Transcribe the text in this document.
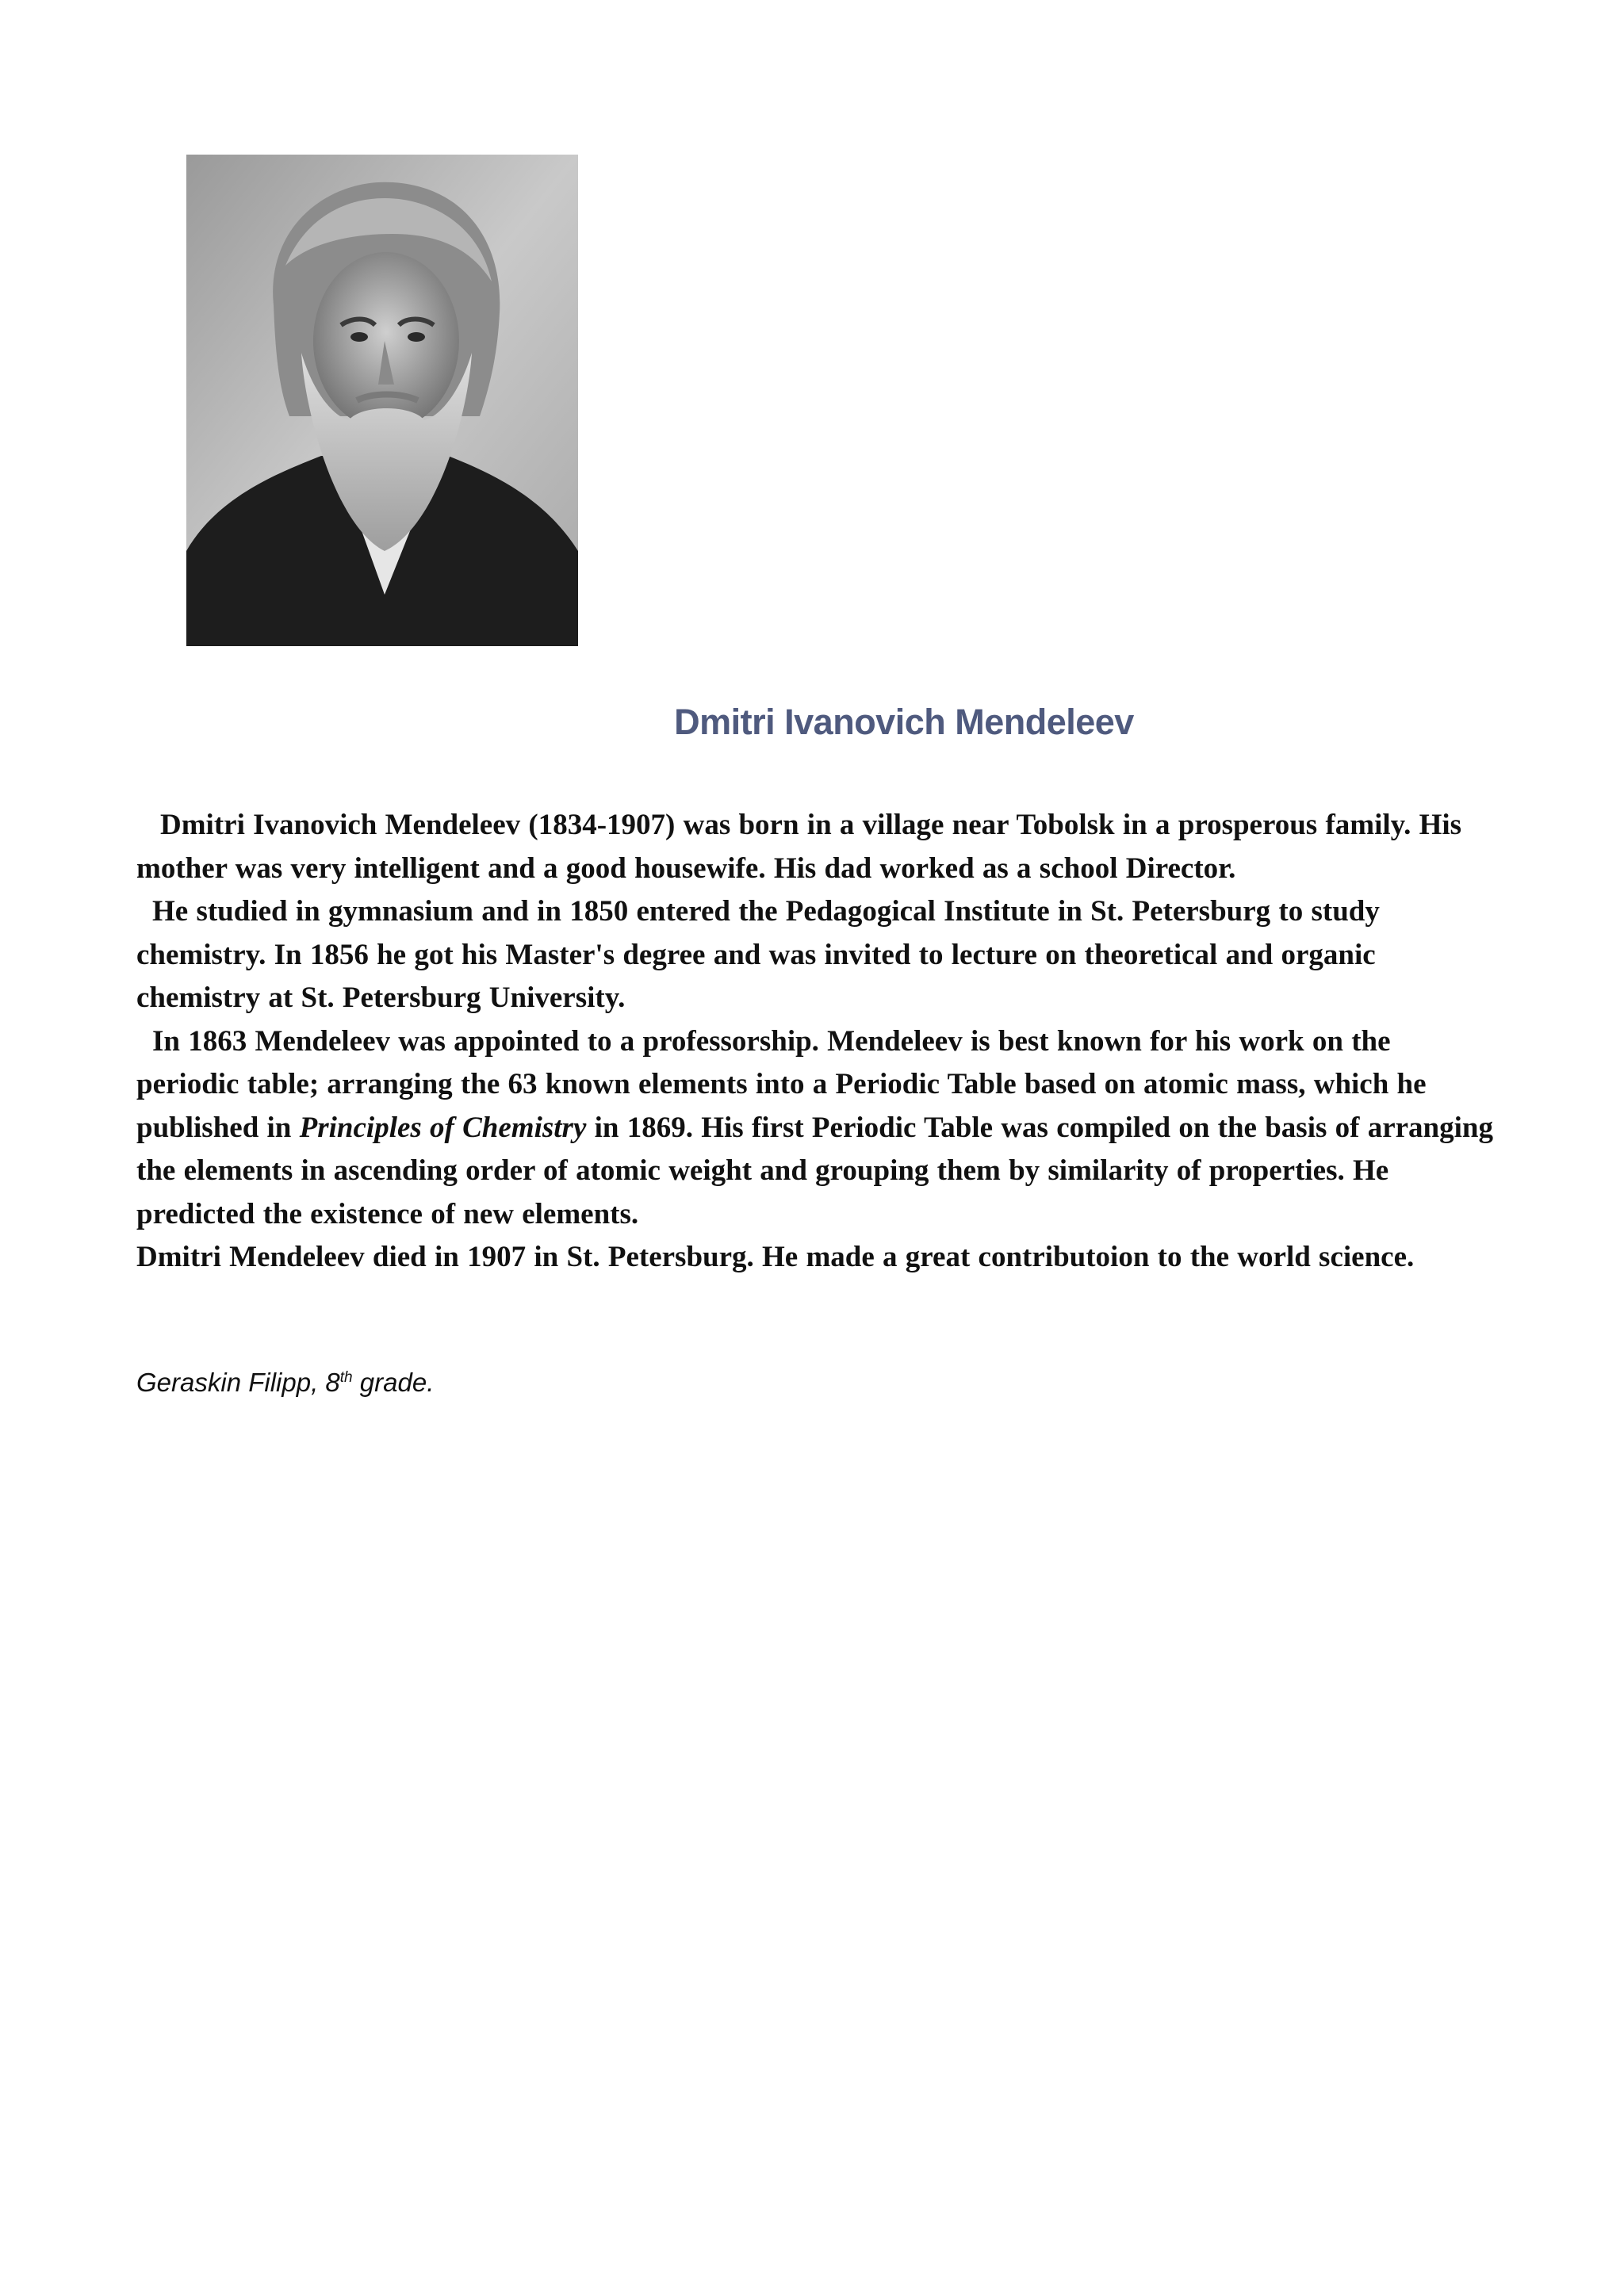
Dmitri Ivanovich Mendeleev

Dmitri Ivanovich Mendeleev (1834-1907) was born in a village near Tobolsk in a prosperous family. His mother was very intelligent and a good housewife. His dad worked as a school Director.

He studied in gymnasium and in 1850 entered the Pedagogical Institute in St. Petersburg to study chemistry. In 1856 he got his Master's degree and was invited to lecture on theoretical and organic chemistry at St. Petersburg University.

In 1863 Mendeleev was appointed to a professorship. Mendeleev is best known for his work on the periodic table; arranging the 63 known elements into a Periodic Table based on atomic mass, which he published in Principles of Chemistry in 1869. His first Periodic Table was compiled on the basis of arranging the elements in ascending order of atomic weight and grouping them by similarity of properties. He predicted the existence of new elements.

Dmitri Mendeleev died in 1907 in St. Petersburg. He made a great contributoion to the world science.

Geraskin Filipp, 8th grade.
